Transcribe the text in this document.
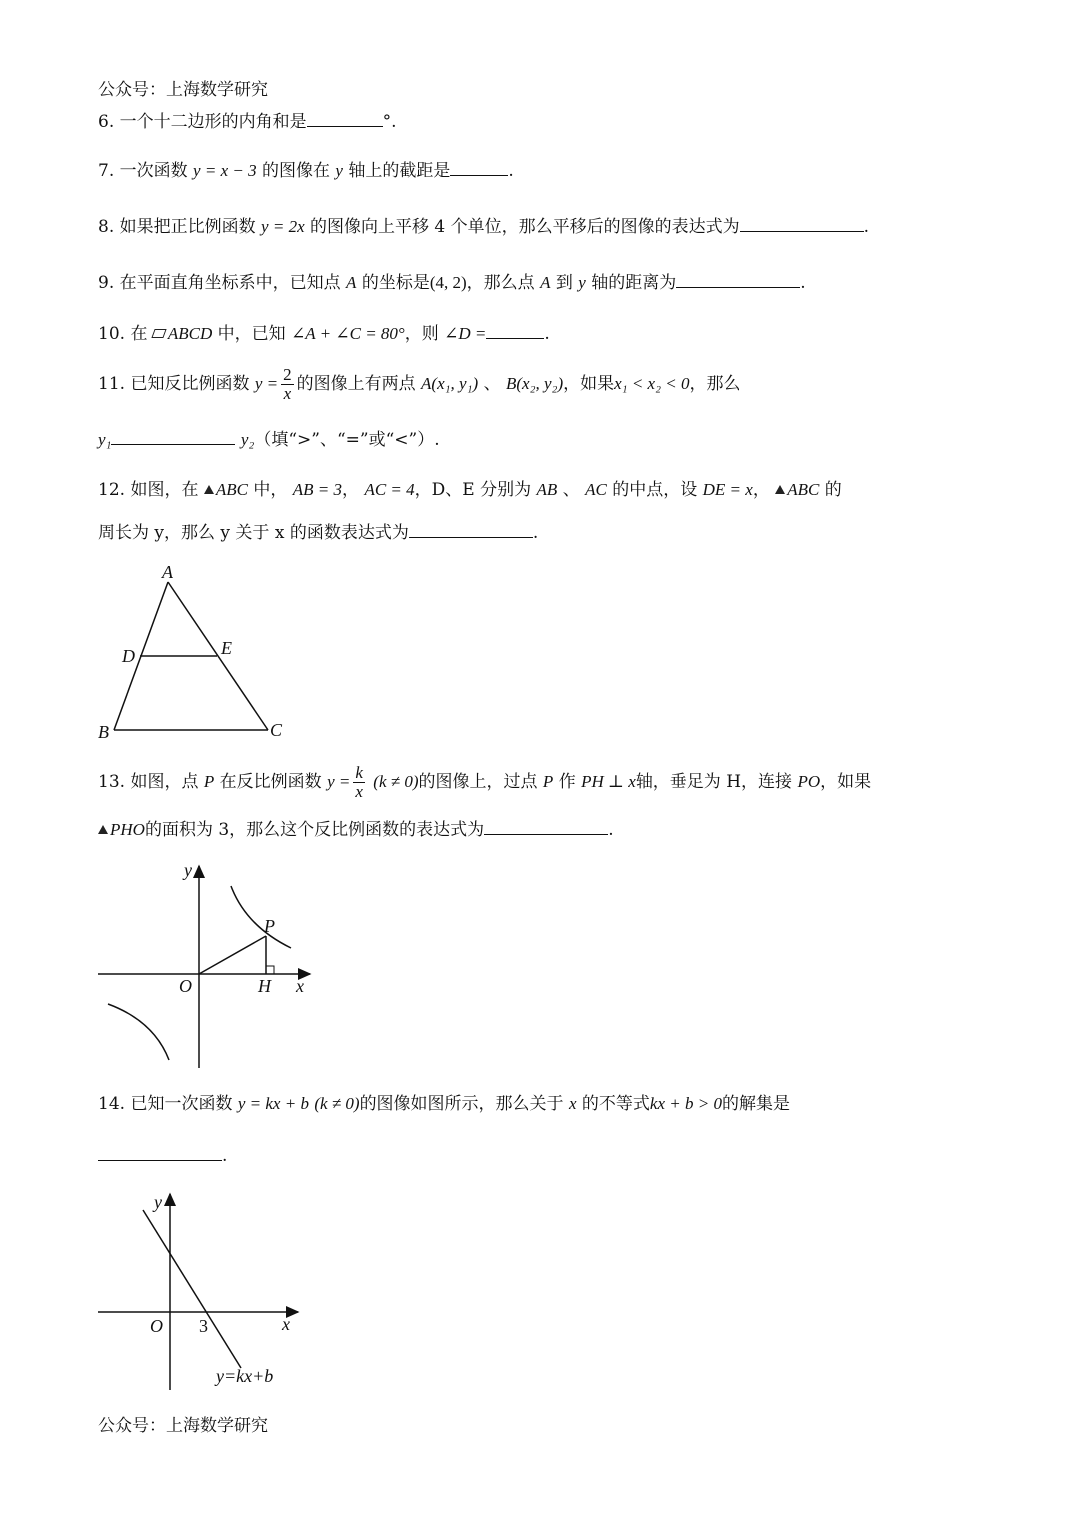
公众号：上海数学研究
6. 一个十二边形的内角和是	°.
7. 一次函数 y = x − 3 的图像在 y 轴上的截距是	.
8. 如果把正比例函数 y = 2x 的图像向上平移 4 个单位，那么平移后的图像的表达式为	.
9. 在平面直角坐标系中，已知点 A 的坐标是(4, 2)，那么点 A 到 y 轴的距离为	.
10. 在 ABCD 中，已知 ∠A + ∠C = 80°，则 ∠D =	.
11. 已知反比例函数 $y = \frac{2}{x}$ 的图像上有两点 A(x₁, y₁) 、 B(x₂, y₂)，如果x₁ < x₂ < 0，那么
y₁	y₂（填“>”、“=”或“<”）.
12. 如图，在 ABC 中， AB = 3， AC = 4，D、E 分别为 AB 、 AC 的中点，设 DE = x， ABC 的
周长为 y，那么 y 关于 x 的函数表达式为	.
A
D	E
B	C
13. 如图，点 P 在反比例函数 $y = \frac{k}{x} (k \ne 0)$的图像上，过点 P 作 PH ⊥ x轴，垂足为 H，连接 PO，如果
PHO的面积为 3，那么这个反比例函数的表达式为	.
y
P
O	H x
14. 已知一次函数 y = kx + b (k ≠ 0)的图像如图所示，那么关于 x 的不等式kx + b > 0的解集是
.
y
O 3	x
y=kx+b
公众号：上海数学研究
